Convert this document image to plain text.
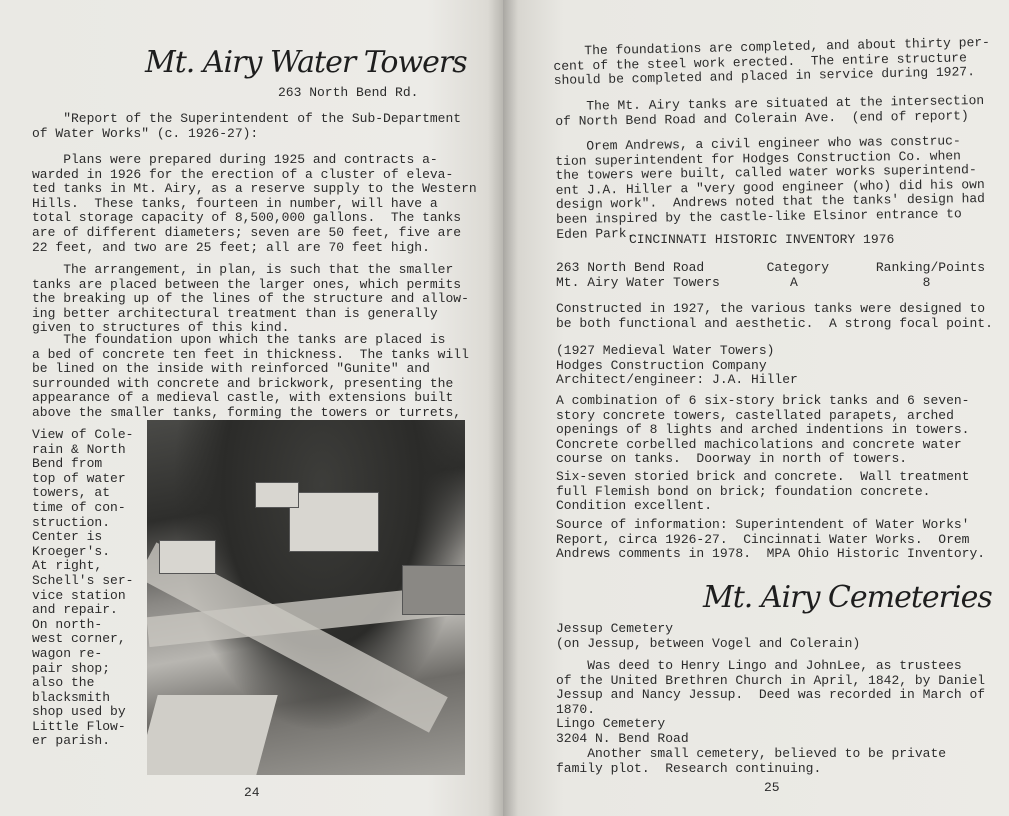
Mt. Airy Water Towers
263 North Bend Rd.
"Report of the Superintendent of the Sub-Department
of Water Works" (c. 1926-27):
Plans were prepared during 1925 and contracts a-
warded in 1926 for the erection of a cluster of eleva-
ted tanks in Mt. Airy, as a reserve supply to the Western
Hills.  These tanks, fourteen in number, will have a
total storage capacity of 8,500,000 gallons.  The tanks
are of different diameters; seven are 50 feet, five are
22 feet, and two are 25 feet; all are 70 feet high.
The arrangement, in plan, is such that the smaller
tanks are placed between the larger ones, which permits
the breaking up of the lines of the structure and allow-
ing better architectural treatment than is generally
given to structures of this kind.
The foundation upon which the tanks are placed is
a bed of concrete ten feet in thickness.  The tanks will
be lined on the inside with reinforced "Gunite" and
surrounded with concrete and brickwork, presenting the
appearance of a medieval castle, with extensions built
above the smaller tanks, forming the towers or turrets,
View of Cole-
rain & North
Bend from
top of water
towers, at
time of con-
struction.
Center is
Kroeger's.
At right,
Schell's ser-
vice station
and repair.
On north-
west corner,
wagon re-
pair shop;
also the
blacksmith
shop used by
Little Flow-
er parish.
24
The foundations are completed, and about thirty per-
cent of the steel work erected.  The entire structure
should be completed and placed in service during 1927.
The Mt. Airy tanks are situated at the intersection
of North Bend Road and Colerain Ave.  (end of report)
Orem Andrews, a civil engineer who was construc-
tion superintendent for Hodges Construction Co. when
the towers were built, called water works superintend-
ent J.A. Hiller a "very good engineer (who) did his own
design work".  Andrews noted that the tanks' design had
been inspired by the castle-like Elsinor entrance to
Eden Park.
CINCINNATI HISTORIC INVENTORY 1976
263 North Bend Road        Category      Ranking/Points
Mt. Airy Water Towers         A                8
Constructed in 1927, the various tanks were designed to
be both functional and aesthetic.  A strong focal point.
(1927 Medieval Water Towers)
Hodges Construction Company
Architect/engineer: J.A. Hiller
A combination of 6 six-story brick tanks and 6 seven-
story concrete towers, castellated parapets, arched
openings of 8 lights and arched indentions in towers.
Concrete corbelled machicolations and concrete water
course on tanks.  Doorway in north of towers.
Six-seven storied brick and concrete.  Wall treatment
full Flemish bond on brick; foundation concrete.
Condition excellent.
Source of information: Superintendent of Water Works'
Report, circa 1926-27.  Cincinnati Water Works.  Orem
Andrews comments in 1978.  MPA Ohio Historic Inventory.
Mt. Airy Cemeteries
Jessup Cemetery
(on Jessup, between Vogel and Colerain)
Was deed to Henry Lingo and JohnLee, as trustees
of the United Brethren Church in April, 1842, by Daniel
Jessup and Nancy Jessup.  Deed was recorded in March of
1870.
Lingo Cemetery
3204 N. Bend Road
Another small cemetery, believed to be private
family plot.  Research continuing.
25
